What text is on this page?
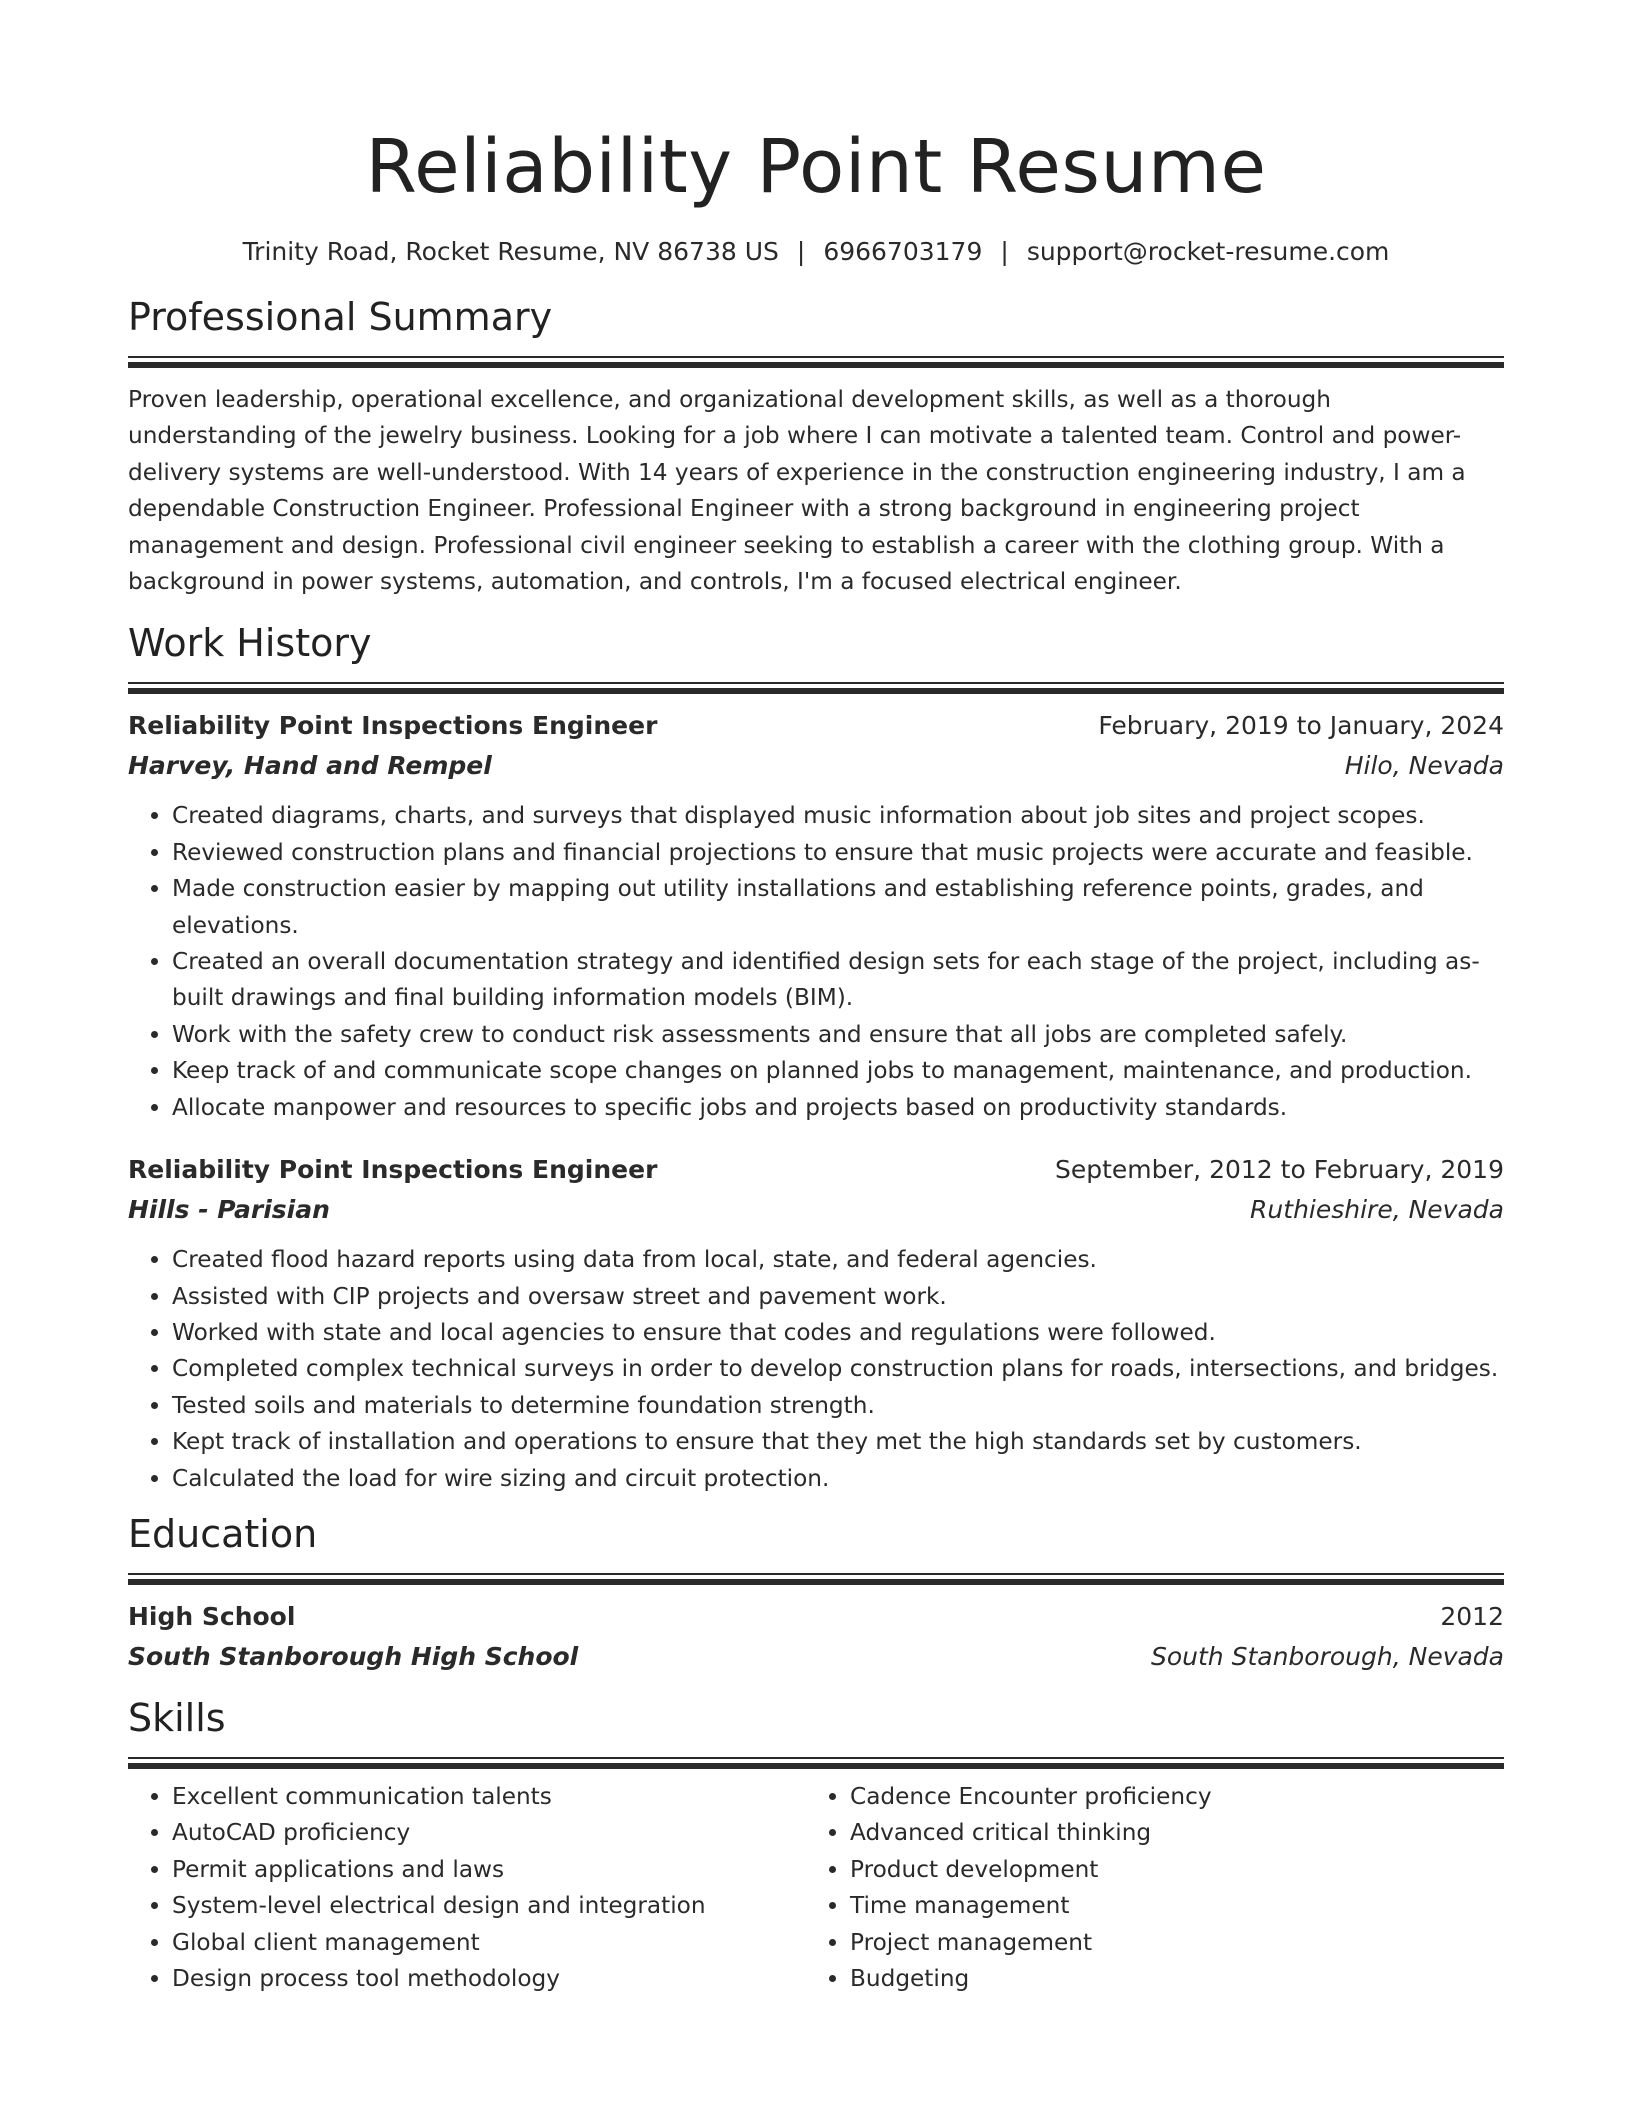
Reliability Point Resume
Trinity Road, Rocket Resume, NV 86738 US | 6966703179 | support@rocket-resume.com
Professional Summary

Proven leadership, operational excellence, and organizational development skills, as well as a thorough understanding of the jewelry business. Looking for a job where I can motivate a talented team. Control and power-delivery systems are well-understood. With 14 years of experience in the construction engineering industry, I am a dependable Construction Engineer. Professional Engineer with a strong background in engineering project management and design. Professional civil engineer seeking to establish a career with the clothing group. With a background in power systems, automation, and controls, I'm a focused electrical engineer.

Work History
Reliability Point Inspections Engineer	February, 2019 to January, 2024
Harvey, Hand and Rempel	Hilo, Nevada
• Created diagrams, charts, and surveys that displayed music information about job sites and project scopes.
• Reviewed construction plans and financial projections to ensure that music projects were accurate and feasible.
• Made construction easier by mapping out utility installations and establishing reference points, grades, and elevations.
• Created an overall documentation strategy and identified design sets for each stage of the project, including as-built drawings and final building information models (BIM).
• Work with the safety crew to conduct risk assessments and ensure that all jobs are completed safely.
• Keep track of and communicate scope changes on planned jobs to management, maintenance, and production.
• Allocate manpower and resources to specific jobs and projects based on productivity standards.
Reliability Point Inspections Engineer	September, 2012 to February, 2019
Hills - Parisian	Ruthieshire, Nevada
• Created flood hazard reports using data from local, state, and federal agencies.
• Assisted with CIP projects and oversaw street and pavement work.
• Worked with state and local agencies to ensure that codes and regulations were followed.
• Completed complex technical surveys in order to develop construction plans for roads, intersections, and bridges.
• Tested soils and materials to determine foundation strength.
• Kept track of installation and operations to ensure that they met the high standards set by customers.
• Calculated the load for wire sizing and circuit protection.
Education
High School	2012
South Stanborough High School	South Stanborough, Nevada
Skills
• Excellent communication talents
• AutoCAD proficiency
• Permit applications and laws
• System-level electrical design and integration
• Global client management
• Design process tool methodology
• Cadence Encounter proficiency
• Advanced critical thinking
• Product development
• Time management
• Project management
• Budgeting
